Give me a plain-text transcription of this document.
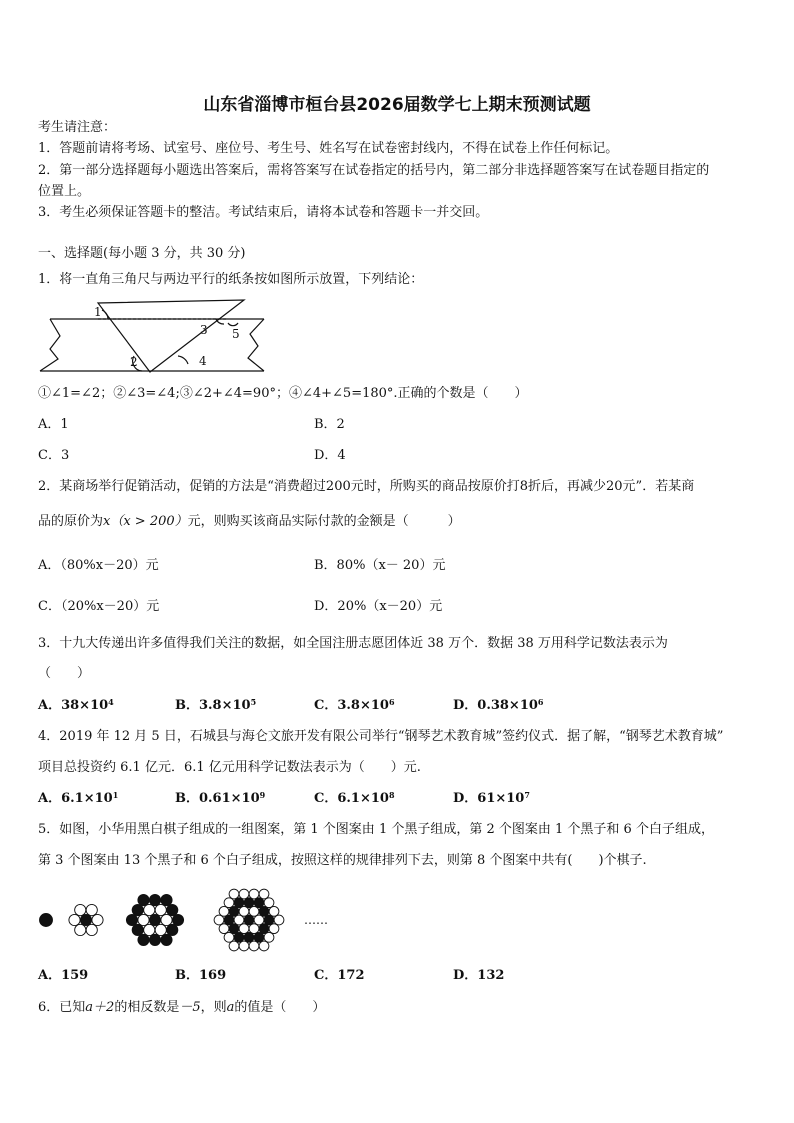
山东省淄博市桓台县2026届数学七上期末预测试题
考生请注意：
1．答题前请将考场、试室号、座位号、考生号、姓名写在试卷密封线内，不得在试卷上作任何标记。
2．第一部分选择题每小题选出答案后，需将答案写在试卷指定的括号内，第二部分非选择题答案写在试卷题目指定的
位置上。
3．考生必须保证答题卡的整洁。考试结束后，请将本试卷和答题卡一并交回。
一、选择题(每小题 3 分，共 30 分)
1．将一直角三角尺与两边平行的纸条按如图所示放置，下列结论：
1
2
3
4
5
①∠1=∠2；②∠3=∠4;③∠2+∠4=90°；④∠4+∠5=180°.正确的个数是（　　）
A．1	B．2
C．3	D．4
2．某商场举行促销活动，促销的方法是“消费超过200元时，所购买的商品按原价打8折后，再减少20元”．若某商
品的原价为x（x > 200）元，则购买该商品实际付款的金额是（　　　）
A．（80%x－20）元	B．80%（x－ 20）元
C．（20%x－20）元	D．20%（x－20）元
3．十九大传递出许多值得我们关注的数据，如全国注册志愿团体近 38 万个．数据 38 万用科学记数法表示为
（　　）
A．$38\times 10^4$	B．$3.8\times 10^5$	C．$3.8\times 10^6$	D．$0.38\times 10^6$
4．2019 年 12 月 5 日，石城县与海仑文旅开发有限公司举行“钢琴艺术教育城”签约仪式．据了解，“钢琴艺术教育城”
项目总投资约 6.1 亿元．6.1 亿元用科学记数法表示为（　　）元.
A．$6.1\times 10^1$	B．$0.61\times 10^9$	C．$6.1\times 10^8$	D．$61\times 10^7$
5．如图，小华用黑白棋子组成的一组图案，第 1 个图案由 1 个黑子组成，第 2 个图案由 1 个黑子和 6 个白子组成，
第 3 个图案由 13 个黑子和 6 个白子组成，按照这样的规律排列下去，则第 8 个图案中共有(　　)个棋子.
……
A．159	B．169	C．172	D．132
6．已知a＋2的相反数是－5，则a的值是（　　）
